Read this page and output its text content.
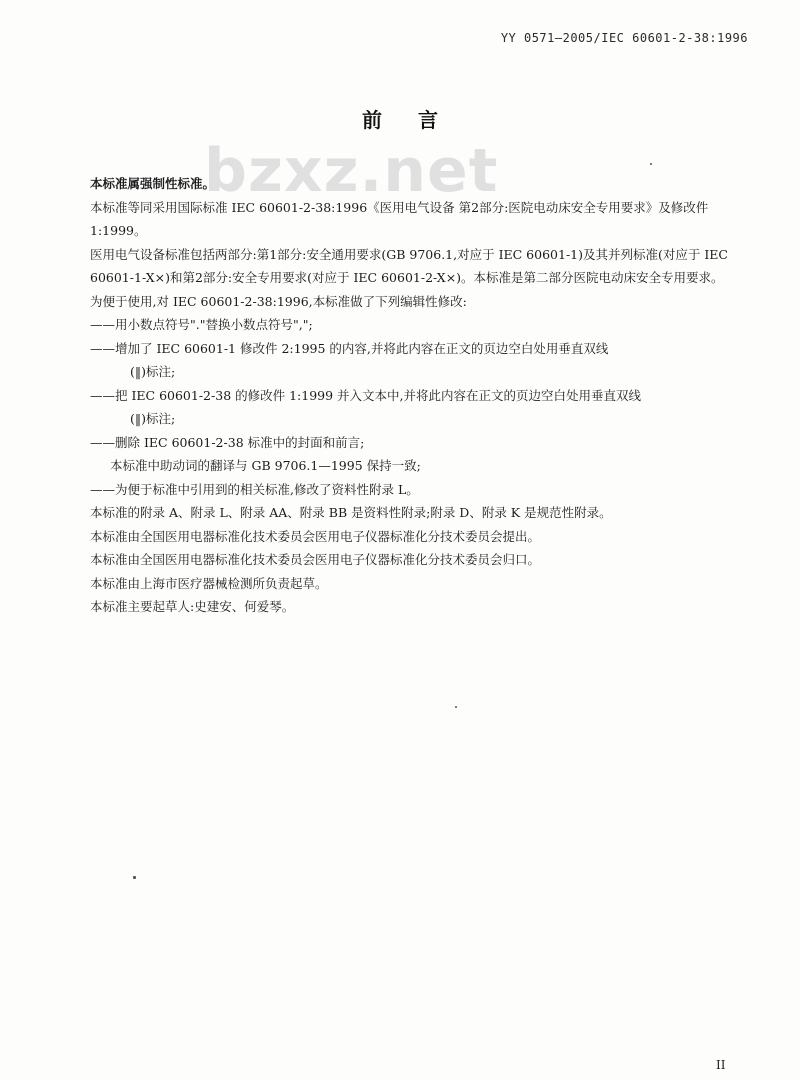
YY 0571—2005/IEC 60601-2-38:1996
前言
bzxz.net

本标准属强制性标准。

本标准等同采用国际标准 IEC 60601-2-38:1996《医用电气设备 第2部分:医院电动床安全专用要求》及修改件 1:1999。

医用电气设备标准包括两部分:第1部分:安全通用要求(GB 9706.1,对应于 IEC 60601-1)及其并列标准(对应于 IEC 60601-1-X×)和第2部分:安全专用要求(对应于 IEC 60601-2-X×)。本标准是第二部分医院电动床安全专用要求。

为便于使用,对 IEC 60601-2-38:1996,本标准做了下列编辑性修改:

——用小数点符号"."替换小数点符号",";

——增加了 IEC 60601-1 修改件 2:1995 的内容,并将此内容在正文的页边空白处用垂直双线

(‖)标注;

——把 IEC 60601-2-38 的修改件 1:1999 并入文本中,并将此内容在正文的页边空白处用垂直双线

(‖)标注;

——删除 IEC 60601-2-38 标准中的封面和前言;

本标准中助动词的翻译与 GB 9706.1—1995 保持一致;

——为便于标准中引用到的相关标准,修改了资料性附录 L。

本标准的附录 A、附录 L、附录 AA、附录 BB 是资料性附录;附录 D、附录 K 是规范性附录。

本标准由全国医用电器标准化技术委员会医用电子仪器标准化分技术委员会提出。

本标准由全国医用电器标准化技术委员会医用电子仪器标准化分技术委员会归口。

本标准由上海市医疗器械检测所负责起草。

本标准主要起草人:史建安、何爱琴。

II
